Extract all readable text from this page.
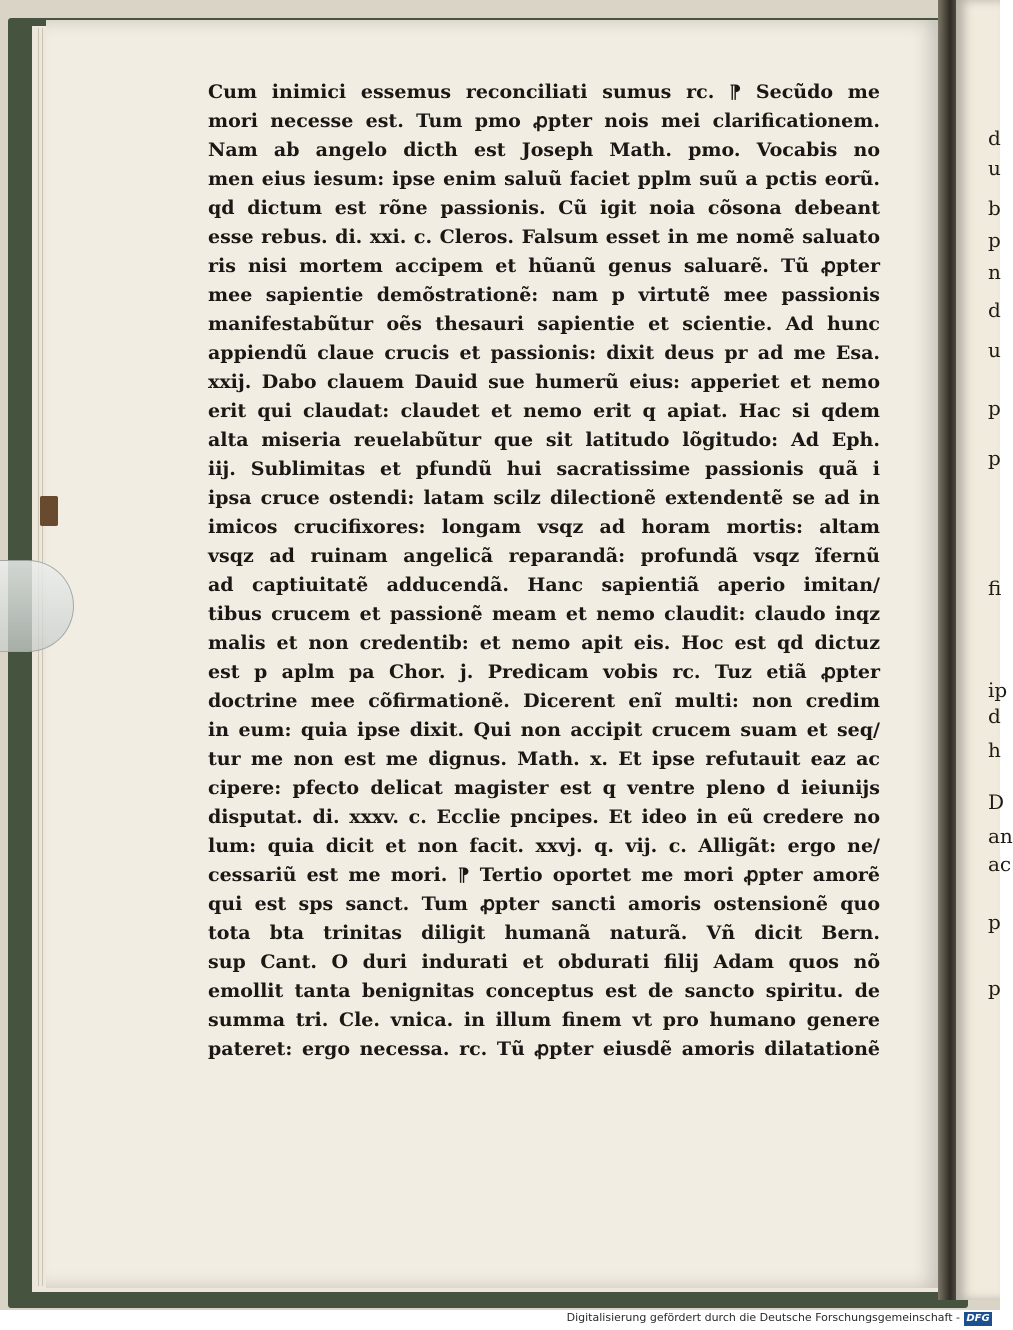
Cum inimici essemus reconciliati sumus rc. ⁋ Secũdo me
mori necesse est. Tum pmo ꝓpter nois mei clarificationem.
Nam ab angelo dicth est Joseph Math. pmo. Vocabis no
men eius iesum: ipse enim saluũ faciet pplm suũ a pctis eorũ.
qd dictum est rõne passionis. Cũ igit noia cõsona debeant
esse rebus. di. xxi. c. Cleros. Falsum esset in me nomẽ saluato
ris nisi mortem accipem et hũanũ genus saluarẽ. Tũ ꝓpter
mee sapientie demõstrationẽ: nam p virtutẽ mee passionis
manifestabũtur oẽs thesauri sapientie et scientie. Ad hunc
appiendũ claue crucis et passionis: dixit deus pr ad me Esa.
xxij. Dabo clauem Dauid sue humerũ eius: apperiet et nemo
erit qui claudat: claudet et nemo erit q apiat. Hac si qdem
alta miseria reuelabũtur que sit latitudo lõgitudo: Ad Eph.
iij. Sublimitas et pfundũ hui sacratissime passionis quã i
ipsa cruce ostendi: latam scilz dilectionẽ extendentẽ se ad in
imicos crucifixores: longam vsqz ad horam mortis: altam
vsqz ad ruinam angelicã reparandã: profundã vsqz ĩfernũ
ad captiuitatẽ adducendã. Hanc sapientiã aperio imitan/
tibus crucem et passionẽ meam et nemo claudit: claudo inqz
malis et non credentib: et nemo apit eis. Hoc est qd dictuz
est p aplm pa Chor. j. Predicam vobis rc. Tuz etiã ꝓpter
doctrine mee cõfirmationẽ. Dicerent enĩ multi: non credim
in eum: quia ipse dixit. Qui non accipit crucem suam et seq/
tur me non est me dignus. Math. x. Et ipse refutauit eaz ac
cipere: pfecto delicat magister est q ventre pleno d ieiunijs
disputat. di. xxxv. c. Ecclie pncipes. Et ideo in eũ credere no
lum: quia dicit et non facit. xxvj. q. vij. c. Alligãt: ergo ne/
cessariũ est me mori. ⁋ Tertio oportet me mori ꝓpter amorẽ
qui est sps sanct. Tum ꝓpter sancti amoris ostensionẽ quo
tota bta trinitas diligit humanã naturã. Vñ dicit Bern.
sup Cant. O duri indurati et obdurati filij Adam quos nõ
emollit tanta benignitas conceptus est de sancto spiritu. de
summa tri. Cle. vnica. in illum finem vt pro humano genere
pateret: ergo necessa. rc. Tũ ꝓpter eiusdẽ amoris dilatationẽ
d
u
b
p
n
d
u
p
p
fi
ip
d
h
D
an
ac
p
p
Digitalisierung gefördert durch die Deutsche Forschungsgemeinschaft - DFG
